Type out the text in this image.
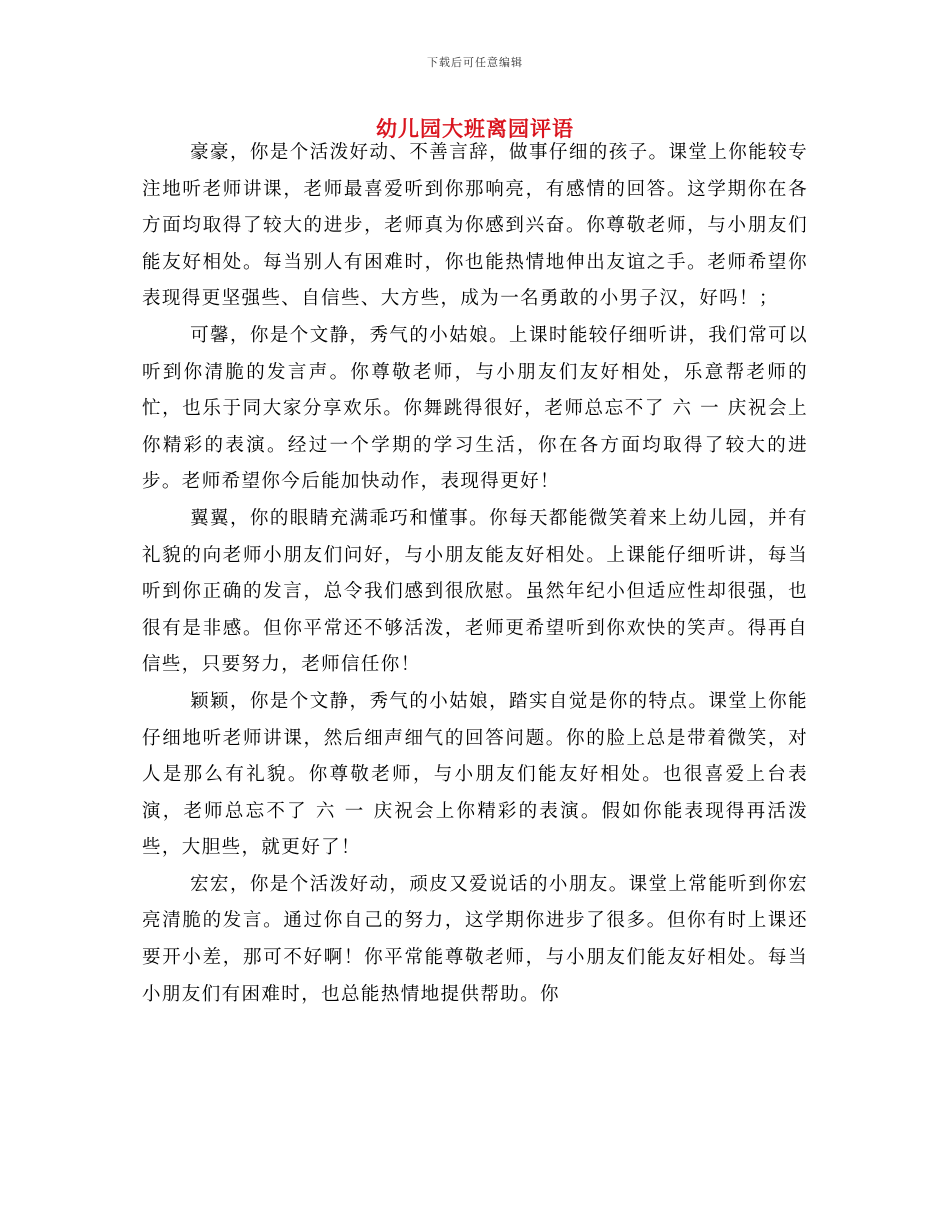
下载后可任意编辑
幼儿园大班离园评语

豪豪，你是个活泼好动、不善言辞，做事仔细的孩子。课堂上你能较专注地听老师讲课，老师最喜爱听到你那响亮，有感情的回答。这学期你在各方面均取得了较大的进步，老师真为你感到兴奋。你尊敬老师，与小朋友们能友好相处。每当别人有困难时，你也能热情地伸出友谊之手。老师希望你表现得更坚强些、自信些、大方些，成为一名勇敢的小男子汉，好吗！；

可馨，你是个文静，秀气的小姑娘。上课时能较仔细听讲，我们常可以听到你清脆的发言声。你尊敬老师，与小朋友们友好相处，乐意帮老师的忙，也乐于同大家分享欢乐。你舞跳得很好，老师总忘不了 六 一 庆祝会上你精彩的表演。经过一个学期的学习生活，你在各方面均取得了较大的进步。老师希望你今后能加快动作，表现得更好！

翼翼，你的眼睛充满乖巧和懂事。你每天都能微笑着来上幼儿园，并有礼貌的向老师小朋友们问好，与小朋友能友好相处。上课能仔细听讲，每当听到你正确的发言，总令我们感到很欣慰。虽然年纪小但适应性却很强，也很有是非感。但你平常还不够活泼，老师更希望听到你欢快的笑声。得再自信些，只要努力，老师信任你！

颖颖，你是个文静，秀气的小姑娘，踏实自觉是你的特点。课堂上你能仔细地听老师讲课，然后细声细气的回答问题。你的脸上总是带着微笑，对人是那么有礼貌。你尊敬老师，与小朋友们能友好相处。也很喜爱上台表演，老师总忘不了 六 一 庆祝会上你精彩的表演。假如你能表现得再活泼些，大胆些，就更好了！

宏宏，你是个活泼好动，顽皮又爱说话的小朋友。课堂上常能听到你宏亮清脆的发言。通过你自己的努力，这学期你进步了很多。但你有时上课还要开小差，那可不好啊！你平常能尊敬老师，与小朋友们能友好相处。每当小朋友们有困难时，也总能热情地提供帮助。你
